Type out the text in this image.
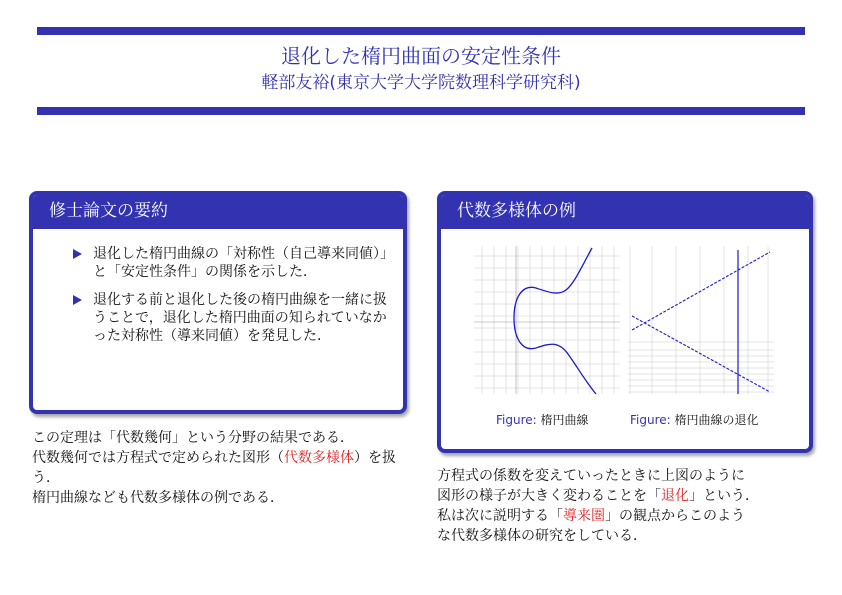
退化した楕円曲面の安定性条件
軽部友裕(東京大学大学院数理科学研究科)
修士論文の要約
退化した楕円曲線の「対称性（自己導来同値）」と「安定性条件」の関係を示した．
退化する前と退化した後の楕円曲線を一緒に扱うことで，退化した楕円曲面の知られていなかった対称性（導来同値）を発見した．
この定理は「代数幾何」という分野の結果である．
代数幾何では方程式で定められた図形（代数多様体）を扱う．
楕円曲線なども代数多様体の例である．
代数多様体の例
Figure: 楕円曲線	Figure: 楕円曲線の退化
方程式の係数を変えていったときに上図のように
図形の様子が大きく変わることを「退化」という．
私は次に説明する「導来圏」の観点からこのよう
な代数多様体の研究をしている．
